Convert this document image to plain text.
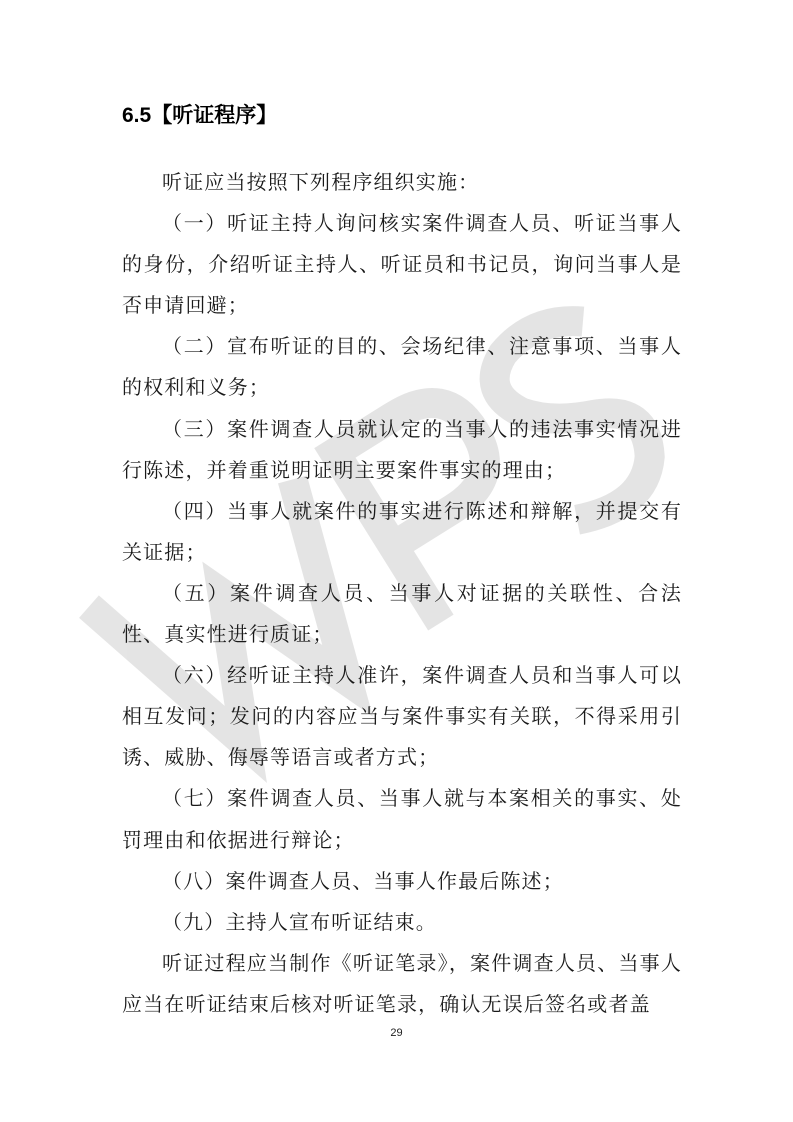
6.5【听证程序】

听证应当按照下列程序组织实施：

（一）听证主持人询问核实案件调查人员、听证当事人的身份，介绍听证主持人、听证员和书记员，询问当事人是否申请回避；

（二）宣布听证的目的、会场纪律、注意事项、当事人的权利和义务；

（三）案件调查人员就认定的当事人的违法事实情况进行陈述，并着重说明证明主要案件事实的理由；

（四）当事人就案件的事实进行陈述和辩解，并提交有关证据；

（五）案件调查人员、当事人对证据的关联性、合法性、真实性进行质证；

（六）经听证主持人准许，案件调查人员和当事人可以相互发问；发问的内容应当与案件事实有关联，不得采用引诱、威胁、侮辱等语言或者方式；

（七）案件调查人员、当事人就与本案相关的事实、处罚理由和依据进行辩论；

（八）案件调查人员、当事人作最后陈述；

（九）主持人宣布听证结束。

听证过程应当制作《听证笔录》，案件调查人员、当事人应当在听证结束后核对听证笔录，确认无误后签名或者盖

29
